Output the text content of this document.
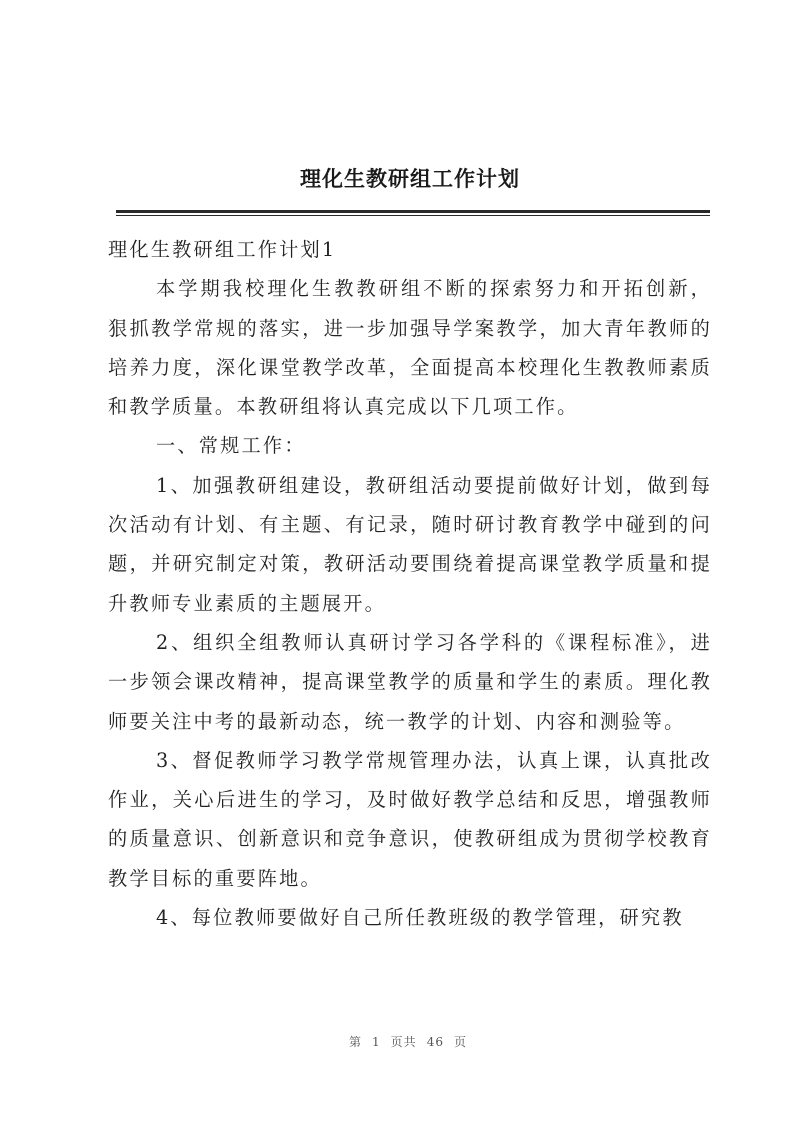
理化生教研组工作计划

理化生教研组工作计划1

本学期我校理化生教教研组不断的探索努力和开拓创新，狠抓教学常规的落实，进一步加强导学案教学，加大青年教师的培养力度，深化课堂教学改革，全面提高本校理化生教教师素质和教学质量。本教研组将认真完成以下几项工作。

一、常规工作：

1、加强教研组建设，教研组活动要提前做好计划，做到每次活动有计划、有主题、有记录，随时研讨教育教学中碰到的问题，并研究制定对策，教研活动要围绕着提高课堂教学质量和提升教师专业素质的主题展开。

2、组织全组教师认真研讨学习各学科的《课程标准》，进一步领会课改精神，提高课堂教学的质量和学生的素质。理化教师要关注中考的最新动态，统一教学的计划、内容和测验等。

3、督促教师学习教学常规管理办法，认真上课，认真批改作业，关心后进生的学习，及时做好教学总结和反思，增强教师的质量意识、创新意识和竞争意识，使教研组成为贯彻学校教育教学目标的重要阵地。

4、每位教师要做好自己所任教班级的教学管理，研究教

第 1 页共 46 页
